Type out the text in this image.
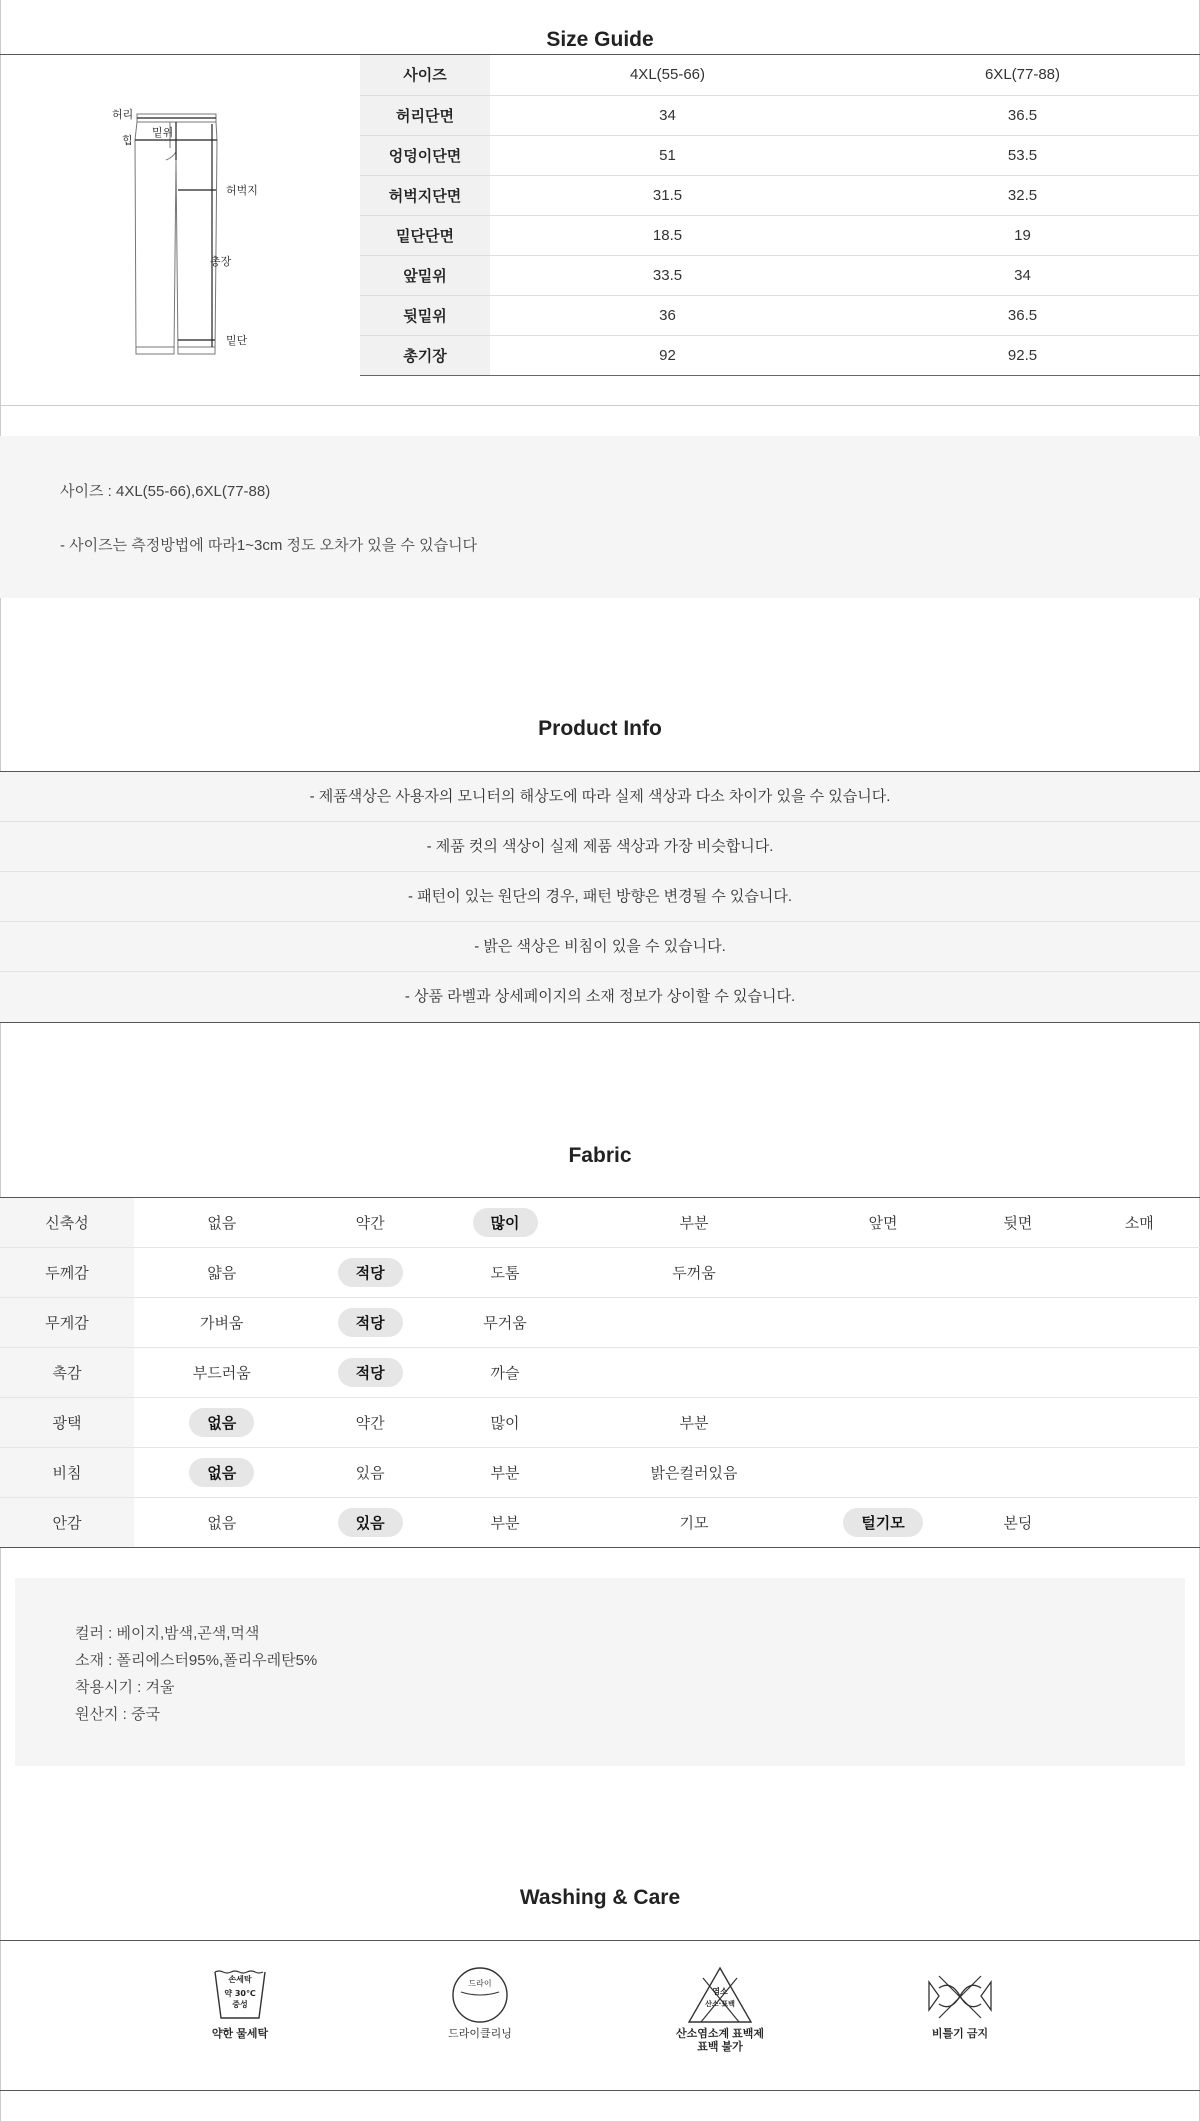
Size Guide
허리
힙
밑위
허벅지
총장
밑단
사이즈	4XL(55-66)	6XL(77-88)
허리단면	34	36.5
엉덩이단면	51	53.5
허벅지단면	31.5	32.5
밑단단면	18.5	19
앞밑위	33.5	34
뒷밑위	36	36.5
총기장	92	92.5

사이즈 : 4XL(55-66),6XL(77-88)

- 사이즈는 측정방법에 따라1~3cm 정도 오차가 있을 수 있습니다

Product Info
- 제품색상은 사용자의 모니터의 해상도에 따라 실제 색상과 다소 차이가 있을 수 있습니다.
- 제품 컷의 색상이 실제 제품 색상과 가장 비슷합니다.
- 패턴이 있는 원단의 경우, 패턴 방향은 변경될 수 있습니다.
- 밝은 색상은 비침이 있을 수 있습니다.
- 상품 라벨과 상세페이지의 소재 정보가 상이할 수 있습니다.
Fabric
신축성	없음	약간	많이	부분	앞면	뒷면	소매
두께감	얇음	적당	도톰	두꺼움			
무게감	가벼움	적당	무거움				
촉감	부드러움	적당	까슬				
광택	없음	약간	많이	부분			
비침	없음	있음	부분	밝은컬러있음			
안감	없음	있음	부분	기모	털기모	본딩	

컬러 : 베이지,밤색,곤색,먹색

소재 : 폴리에스터95%,폴리우레탄5%

착용시기 : 겨울

원산지 : 중국

Washing & Care
손세탁
약 30℃
중성
약한 물세탁
드라이
드라이클리닝
염소
산소·표백
산소염소계 표백제
표백 불가
비틀기 금지
